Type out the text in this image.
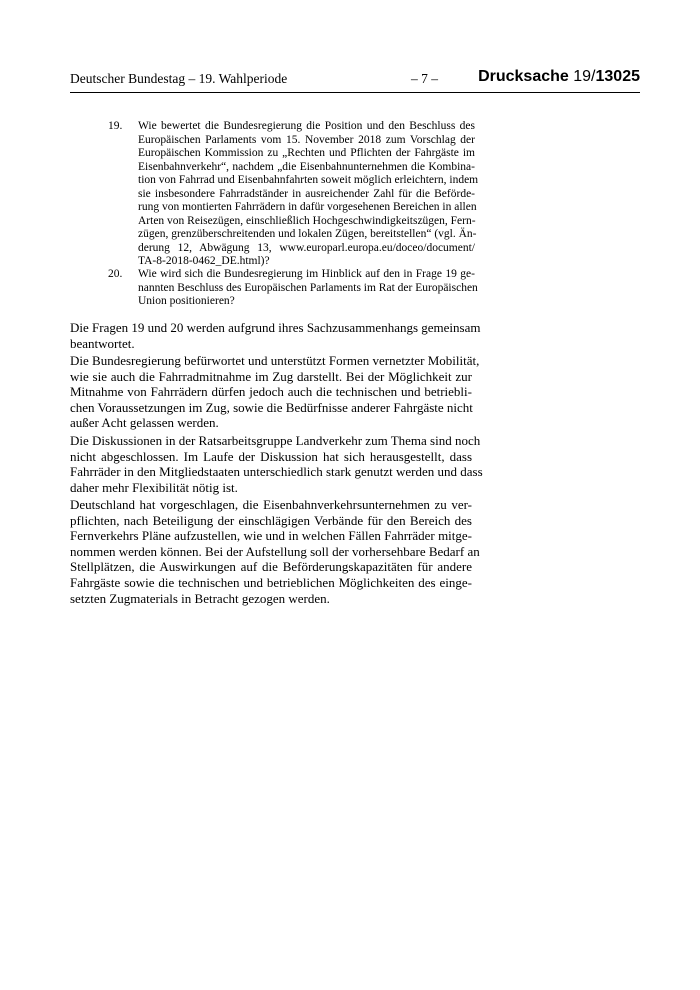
Deutscher Bundestag – 19. Wahlperiode	– 7 –	Drucksache 19/13025
19.	Wie bewertet die Bundesregierung die Position und den Beschluss des
Europäischen Parlaments vom 15. November 2018 zum Vorschlag der
Europäischen Kommission zu „Rechten und Pflichten der Fahrgäste im
Eisenbahnverkehr“, nachdem „die Eisenbahnunternehmen die Kombina-
tion von Fahrrad und Eisenbahnfahrten soweit möglich erleichtern, indem
sie insbesondere Fahrradständer in ausreichender Zahl für die Beförde-
rung von montierten Fahrrädern in dafür vorgesehenen Bereichen in allen
Arten von Reisezügen, einschließlich Hochgeschwindigkeitszügen, Fern-
zügen, grenzüberschreitenden und lokalen Zügen, bereitstellen“ (vgl. Än-
derung 12, Abwägung 13, www.europarl.europa.eu/doceo/document/
TA-8-2018-0462_DE.html)?
20.	Wie wird sich die Bundesregierung im Hinblick auf den in Frage 19 ge-
nannten Beschluss des Europäischen Parlaments im Rat der Europäischen
Union positionieren?
Die Fragen 19 und 20 werden aufgrund ihres Sachzusammenhangs gemeinsam
beantwortet.
Die Bundesregierung befürwortet und unterstützt Formen vernetzter Mobilität,
wie sie auch die Fahrradmitnahme im Zug darstellt. Bei der Möglichkeit zur
Mitnahme von Fahrrädern dürfen jedoch auch die technischen und betriebli-
chen Voraussetzungen im Zug, sowie die Bedürfnisse anderer Fahrgäste nicht
außer Acht gelassen werden.
Die Diskussionen in der Ratsarbeitsgruppe Landverkehr zum Thema sind noch
nicht abgeschlossen. Im Laufe der Diskussion hat sich herausgestellt, dass
Fahrräder in den Mitgliedstaaten unterschiedlich stark genutzt werden und dass
daher mehr Flexibilität nötig ist.
Deutschland hat vorgeschlagen, die Eisenbahnverkehrsunternehmen zu ver-
pflichten, nach Beteiligung der einschlägigen Verbände für den Bereich des
Fernverkehrs Pläne aufzustellen, wie und in welchen Fällen Fahrräder mitge-
nommen werden können. Bei der Aufstellung soll der vorhersehbare Bedarf an
Stellplätzen, die Auswirkungen auf die Beförderungskapazitäten für andere
Fahrgäste sowie die technischen und betrieblichen Möglichkeiten des einge-
setzten Zugmaterials in Betracht gezogen werden.
